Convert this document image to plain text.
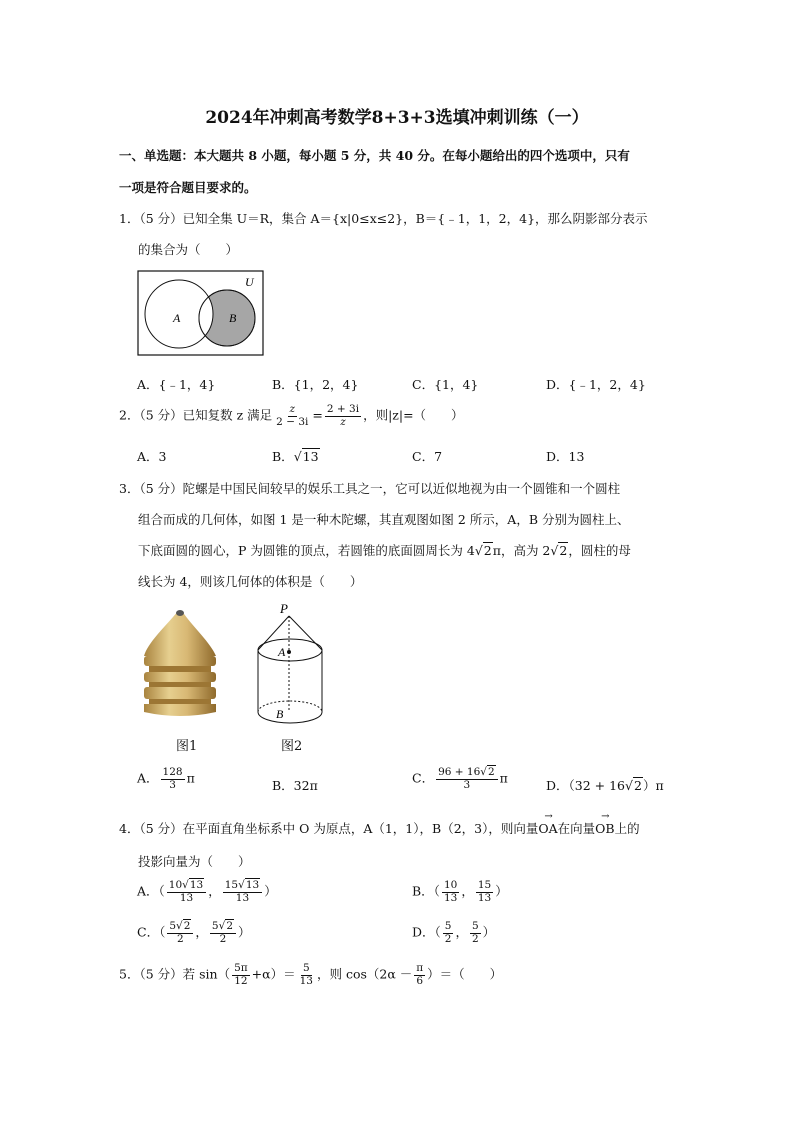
2024年冲刺高考数学8+3+3选填冲刺训练（一）
一、单选题：本大题共 8 小题，每小题 5 分，共 40 分。在每小题给出的四个选项中，只有
一项是符合题目要求的。
1．（5 分）已知全集 U＝R，集合 A＝{x|0≤x≤2}，B＝{﹣1，1，2，4}，那么阴影部分表示
的集合为（　　）
U
A	B
A．{﹣1，4}	B．{1，2，4}	C．{1，4}	D．{﹣1，2，4}
2．（5 分）已知复数 z 满足 $\frac{z}{2 - 3i} = \frac{2 + 3i}{z}$ ，则|z|=（　　）
A．3	B．√13	C．7	D．13
3．（5 分）陀螺是中国民间较早的娱乐工具之一，它可以近似地视为由一个圆锥和一个圆柱
组合而成的几何体，如图 1 是一种木陀螺，其直观图如图 2 所示，A，B 分别为圆柱上、
下底面圆的圆心，P 为圆锥的顶点，若圆锥的底面圆周长为 4√2π，高为 2√2，圆柱的母
线长为 4，则该几何体的体积是（　　）
图1
P
A
B
图2
A． $\frac{128}{3}$ π	B．32π	C． $\frac{96 + 16√2}{3}$ π	D．（32 + 16√2）π
4．（5 分）在平面直角坐标系中 O 为原点，A（1，1），B（2，3），则向量
→
OA在向量
→
OB上的
投影向量为（　　）
A．（ $\frac{10√13}{13}$ ， $\frac{15√13}{13}$ ）	B．（ $\frac{10}{13}$ ， $\frac{15}{13}$ ）
C．（ $\frac{5√2}{2}$ ， $\frac{5√2}{2}$ ）	D．（ $\frac{5}{2}$ ， $\frac{5}{2}$ ）
5．（5 分）若 $\sin( \frac{5\pi}{12} +\alpha)= \frac{5}{13}$ ，则 $\cos(2\alpha - \frac{\pi}{6}$ ）＝（　　）
